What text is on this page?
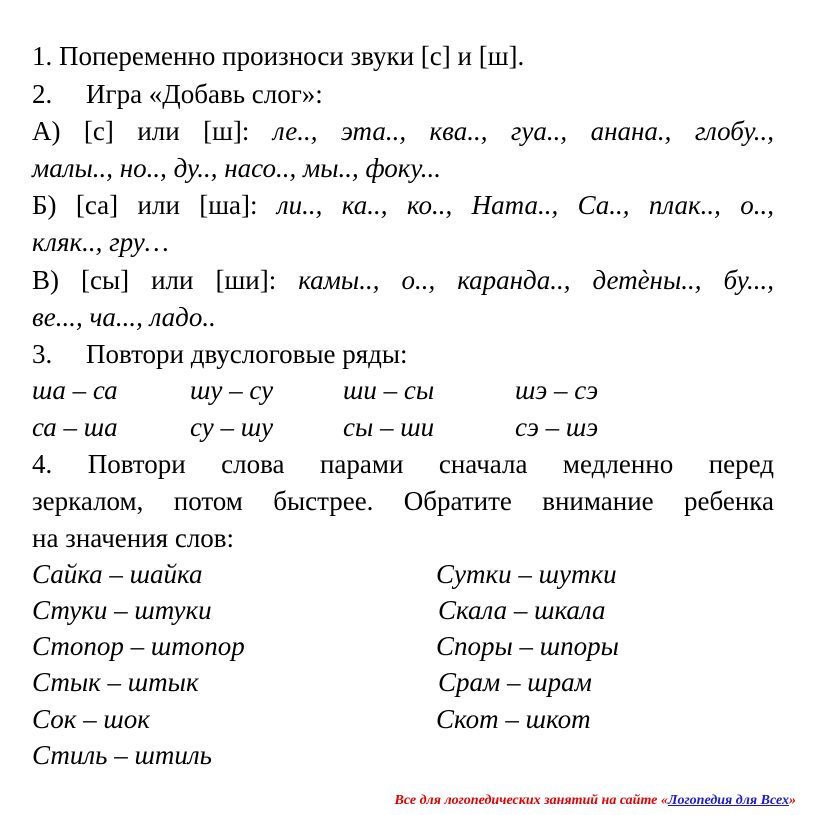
1. Попеременно произноси звуки [с] и [ш].
2. Игра «Добавь слог»:
А) [с] или [ш]: ле.., эта.., ква.., гуа.., анана., глобу..,
малы.., но.., ду.., насо.., мы.., фоку...
Б) [са] или [ша]: ли.., ка.., ко.., Ната.., Са.., плак.., о..,
кляк.., гру…
В) [сы] или [ши]: камы.., о.., каранда.., детѐны.., бу...,
ве..., ча..., ладо..
3. Повтори двуслоговые ряды:
ша – са	шу – су	ши – сы	шэ – сэ
са – ша	су – шу	сы – ши	сэ – шэ
4. Повтори слова парами сначала медленно перед
зеркалом, потом быстрее. Обратите внимание ребенка
на значения слов:
Сайка – шайка	Сутки – шутки
Стуки – штуки	Скала – шкала
Стопор – штопор	Споры – шпоры
Стык – штык	Срам – шрам
Сок – шок	Скот – шкот
Стиль – штиль
Все для логопедических занятий на сайте «Логопедия для Всех»
